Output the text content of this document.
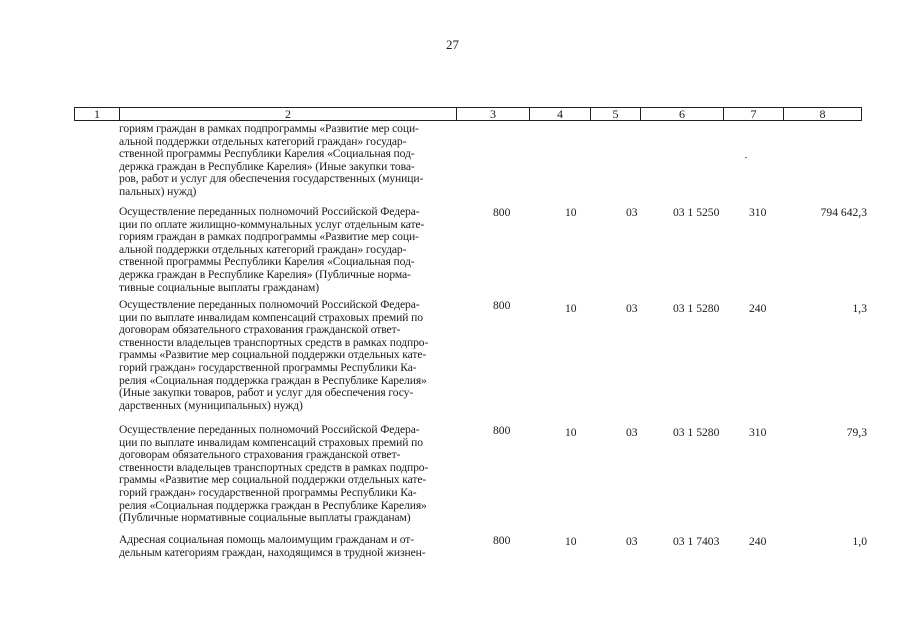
27
1	2	3	4	5	6	7	8
гориям граждан в рамках подпрограммы «Развитие мер соци-
альной поддержки отдельных категорий граждан» государ-
ственной программы Республики Карелия «Социальная под-
держка граждан в Республике Карелия» (Иные закупки това-
ров, работ и услуг для обеспечения государственных (муници-
пальных) нужд)
Осуществление переданных полномочий Российской Федера-
ции по оплате жилищно-коммунальных услуг отдельным кате-
гориям граждан в рамках подпрограммы «Развитие мер соци-
альной поддержки отдельных категорий граждан» государ-
ственной программы Республики Карелия «Социальная под-
держка граждан в Республике Карелия» (Публичные норма-
тивные социальные выплаты гражданам)
800	10	03	03 1 5250	310	794 642,3
Осуществление переданных полномочий Российской Федера-
ции по выплате инвалидам компенсаций страховых премий по
договорам обязательного страхования гражданской ответ-
ственности владельцев транспортных средств в рамках подпро-
граммы «Развитие мер социальной поддержки отдельных кате-
горий граждан» государственной программы Республики Ка-
релия «Социальная поддержка граждан в Республике Карелия»
(Иные закупки товаров, работ и услуг для обеспечения госу-
дарственных (муниципальных) нужд)
800	10	03	03 1 5280	240	1,3
Осуществление переданных полномочий Российской Федера-
ции по выплате инвалидам компенсаций страховых премий по
договорам обязательного страхования гражданской ответ-
ственности владельцев транспортных средств в рамках подпро-
граммы «Развитие мер социальной поддержки отдельных кате-
горий граждан» государственной программы Республики Ка-
релия «Социальная поддержка граждан в Республике Карелия»
(Публичные нормативные социальные выплаты гражданам)
800	10	03	03 1 5280	310	79,3
Адресная социальная помощь малоимущим гражданам и от-
дельным категориям граждан, находящимся в трудной жизнен-
800	10	03	03 1 7403	240	1,0
